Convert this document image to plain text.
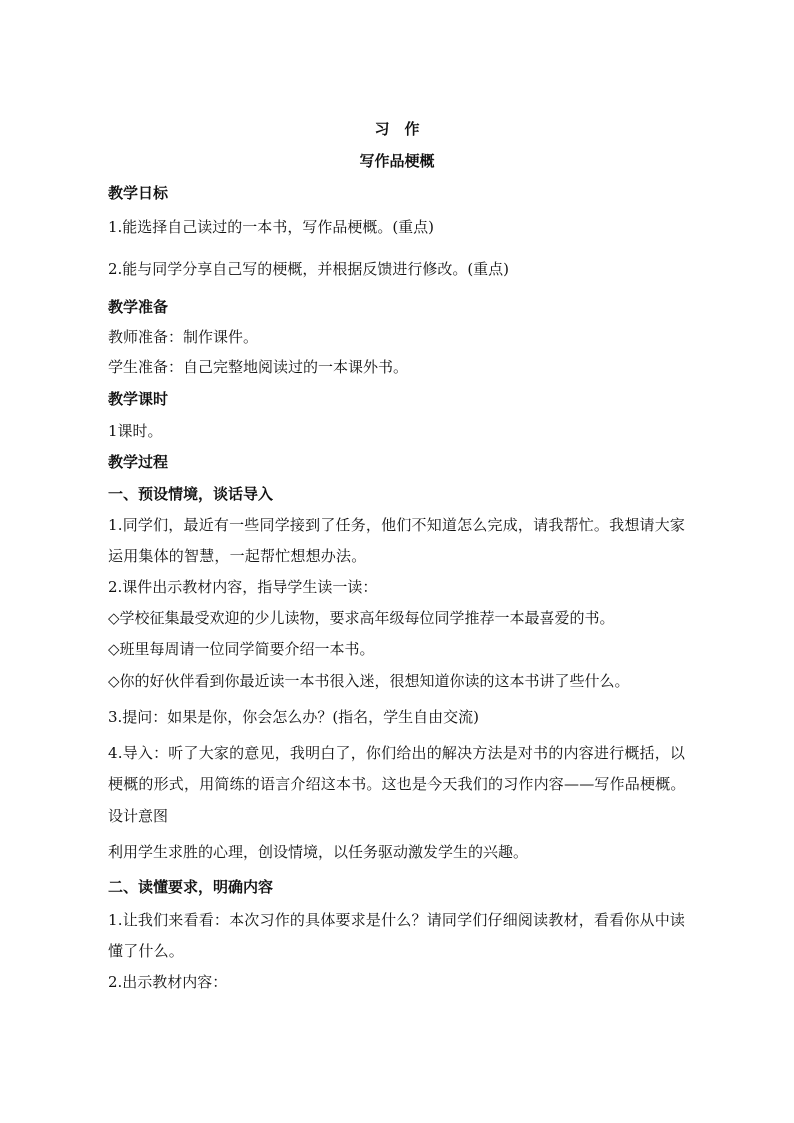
习　作
写作品梗概
教学日标
1.能选择自己读过的一本书，写作品梗概。(重点)
2.能与同学分享自己写的梗概，并根据反馈进行修改。(重点)
教学准备
教师准备：制作课件。
学生准备：自己完整地阅读过的一本课外书。
教学课时
1课时。
教学过程
一、预设情境，谈话导入
1.同学们，最近有一些同学接到了任务，他们不知道怎么完成，请我帮忙。我想请大家
运用集体的智慧，一起帮忙想想办法。
2.课件出示教材内容，指导学生读一读：
◇学校征集最受欢迎的少儿读物，要求高年级每位同学推荐一本最喜爱的书。
◇班里每周请一位同学简要介绍一本书。
◇你的好伙伴看到你最近读一本书很入迷，很想知道你读的这本书讲了些什么。
3.提问：如果是你，你会怎么办？(指名，学生自由交流)
4.导入：听了大家的意见，我明白了，你们给出的解决方法是对书的内容进行概括，以
梗概的形式，用简练的语言介绍这本书。这也是今天我们的习作内容——写作品梗概。
设计意图
利用学生求胜的心理，创设情境，以任务驱动激发学生的兴趣。
二、读懂要求，明确内容
1.让我们来看看：本次习作的具体要求是什么？请同学们仔细阅读教材，看看你从中读
懂了什么。
2.出示教材内容：
